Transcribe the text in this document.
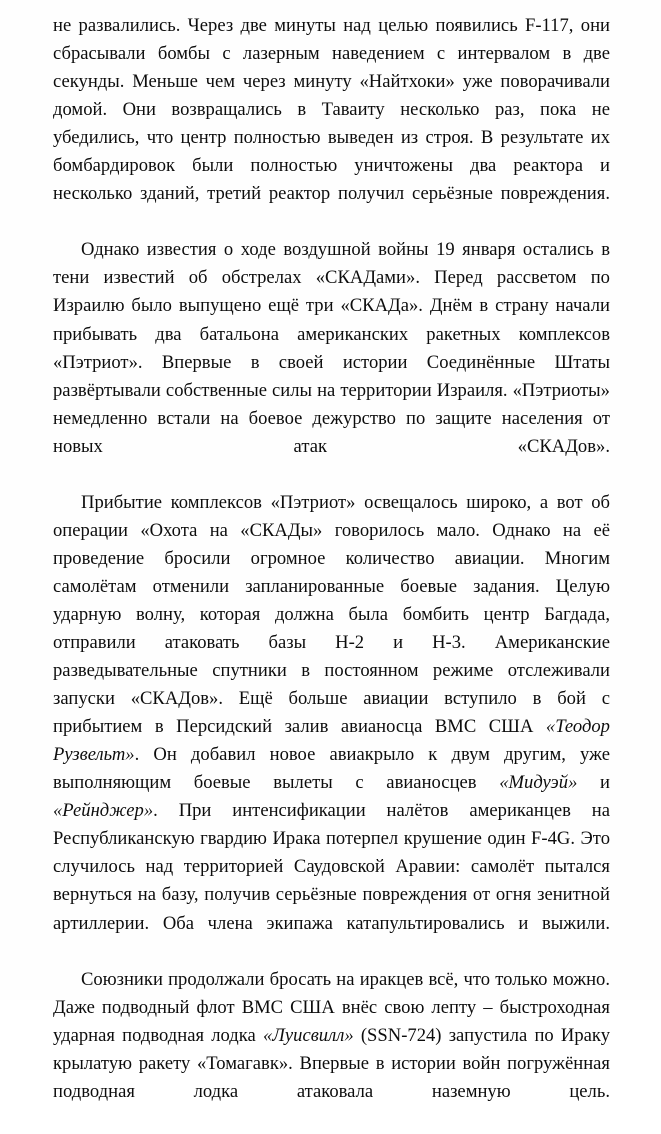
не развалились. Через две минуты над целью появились F-117, они сбрасывали бомбы с лазерным наведением с интервалом в две секунды. Меньше чем через минуту «Найтхоки» уже поворачивали домой. Они возвращались в Таваиту несколько раз, пока не убедились, что центр полностью выведен из строя. В результате их бомбардировок были полностью уничтожены два реактора и несколько зданий, третий реактор получил серьёзные повреждения.

Однако известия о ходе воздушной войны 19 января остались в тени известий об обстрелах «СКАДами». Перед рассветом по Израилю было выпущено ещё три «СКАДа». Днём в страну начали прибывать два батальона американских ракетных комплексов «Пэтриот». Впервые в своей истории Соединённые Штаты развёртывали собственные силы на территории Израиля. «Пэтриоты» немедленно встали на боевое дежурство по защите населения от новых атак «СКАДов».

Прибытие комплексов «Пэтриот» освещалось широко, а вот об операции «Охота на «СКАДы» говорилось мало. Однако на её проведение бросили огромное количество авиации. Многим самолётам отменили запланированные боевые задания. Целую ударную волну, которая должна была бомбить центр Багдада, отправили атаковать базы Н-2 и Н-3. Американские разведывательные спутники в постоянном режиме отслеживали запуски «СКАДов». Ещё больше авиации вступило в бой с прибытием в Персидский залив авианосца ВМС США «Теодор Рузвельт». Он добавил новое авиакрыло к двум другим, уже выполняющим боевые вылеты с авианосцев «Мидуэй» и «Рейнджер». При интенсификации налётов американцев на Республиканскую гвардию Ирака потерпел крушение один F-4G. Это случилось над территорией Саудовской Аравии: самолёт пытался вернуться на базу, получив серьёзные повреждения от огня зенитной артиллерии. Оба члена экипажа катапультировались и выжили.

Союзники продолжали бросать на иракцев всё, что только можно. Даже подводный флот ВМС США внёс свою лепту – быстроходная ударная подводная лодка «Луисвилл» (SSN-724) запустила по Ираку крылатую ракету «Томагавк». Впервые в истории войн погружённая подводная лодка атаковала наземную цель.
